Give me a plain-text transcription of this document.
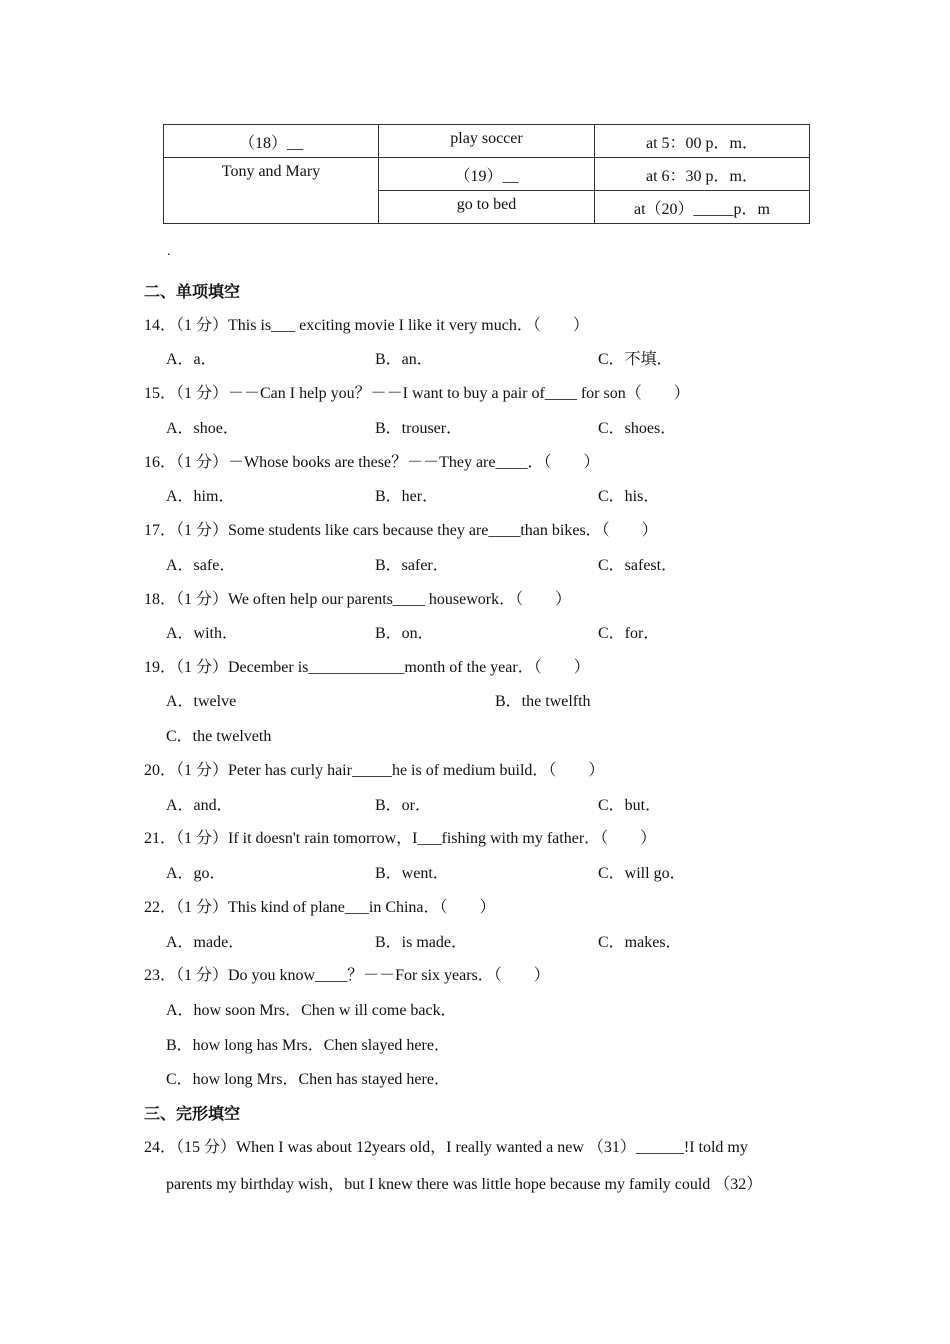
（18）__	play soccer	at 5：00 p．m．
Tony and Mary	（19）__	at 6：30 p．m．
	go to bed	at（20）_____p．m
.
二、单项填空
14．（1 分）This is___ exciting movie I like it very much．（　　）
A．a．	B．an．	C．不填．
15．（1 分）－－Can I help you？－－I want to buy a pair of____ for son（　　）
A．shoe．	B．trouser．	C．shoes．
16．（1 分）－Whose books are these？－－They are____．（　　）
A．him．	B．her．	C．his．
17．（1 分）Some students like cars because they are____than bikes．（　　）
A．safe．	B．safer．	C．safest．
18．（1 分）We often help our parents____ housework．（　　）
A．with．	B．on．	C．for．
19．（1 分）December is____________month of the year．（　　）
A．twelve	B．the twelfth
C．the twelveth
20．（1 分）Peter has curly hair_____he is of medium build．（　　）
A．and．	B．or．	C．but．
21．（1 分）If it doesn't rain tomorrow，I___fishing with my father．（　　）
A．go．	B．went．	C．will go．
22．（1 分）This kind of plane___in China．（　　）
A．made．	B．is made．	C．makes．
23．（1 分）Do you know____？－－For six years．（　　）
A．how soon Mrs．Chen w ill come back．
B．how long has Mrs．Chen slayed here．
C．how long Mrs．Chen has stayed here．
三、完形填空
24．（15 分）When I was about 12years old，I really wanted a new （31）______!I told my
parents my birthday wish，but I knew there was little hope because my family could （32）
